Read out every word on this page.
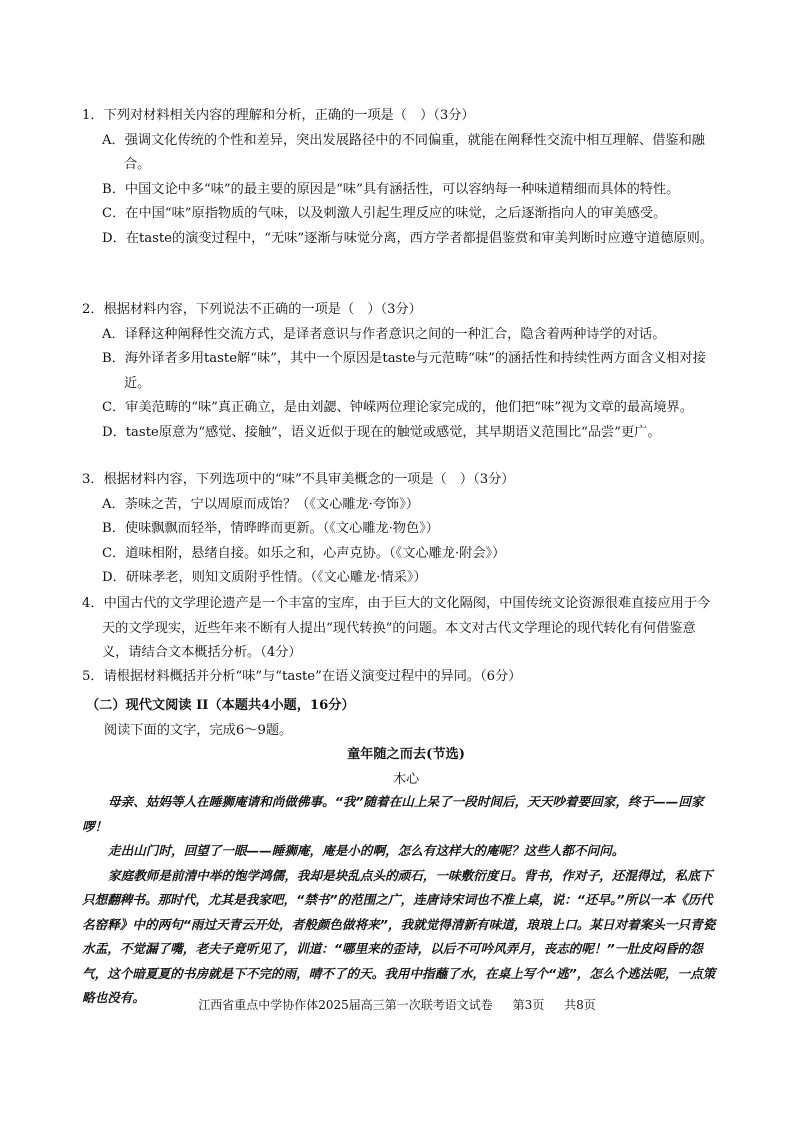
1．下列对材料相关内容的理解和分析，正确的一项是（　）（3分）

A．强调文化传统的个性和差异，突出发展路径中的不同偏重，就能在阐释性交流中相互理解、借鉴和融合。

B．中国文论中多“味”的最主要的原因是“味”具有涵括性，可以容纳每一种味道精细而具体的特性。

C．在中国“味”原指物质的气味，以及刺激人引起生理反应的味觉，之后逐渐指向人的审美感受。

D．在taste的演变过程中，“无味”逐渐与味觉分离，西方学者都提倡鉴赏和审美判断时应遵守道德原则。

2．根据材料内容，下列说法不正确的一项是（　）（3分）

A．译释这种阐释性交流方式，是译者意识与作者意识之间的一种汇合，隐含着两种诗学的对话。

B．海外译者多用taste解“味”，其中一个原因是taste与元范畴“味”的涵括性和持续性两方面含义相对接近。

C．审美范畴的“味”真正确立，是由刘勰、钟嵘两位理论家完成的，他们把“味”视为文章的最高境界。

D．taste原意为“感觉、接触”，语义近似于现在的触觉或感觉，其早期语义范围比“品尝”更广。

3．根据材料内容，下列选项中的“味”不具审美概念的一项是（　）（3分）

A．荼味之苦，宁以周原而成饴？（《文心雕龙·夸饰》）

B．使味飘飘而轻举，情晔晔而更新。（《文心雕龙·物色》）

C．道味相附，悬绪自接。如乐之和，心声克协。（《文心雕龙·附会》）

D．研味孝老，则知文质附乎性情。（《文心雕龙·情采》）

4．中国古代的文学理论遗产是一个丰富的宝库，由于巨大的文化隔阂，中国传统文论资源很难直接应用于今天的文学现实，近些年来不断有人提出“现代转换”的问题。本文对古代文学理论的现代转化有何借鉴意义，请结合文本概括分析。（4分）

5．请根据材料概括并分析“味”与“taste”在语义演变过程中的异同。（6分）

（二）现代文阅读 II（本题共4小题，16分）

阅读下面的文字，完成6～9题。

童年随之而去(节选)

木心

母亲、姑妈等人在睡狮庵请和尚做佛事。“我”随着在山上呆了一段时间后，天天吵着要回家，终于——回家啰！

走出山门时，回望了一眼——睡狮庵，庵是小的啊，怎么有这样大的庵呢？这些人都不问问。

家庭教师是前清中举的饱学鸿儒，我却是块乱点头的顽石，一味敷衍度日。背书，作对子，还混得过，私底下只想翻稗书。那时代，尤其是我家吧，“禁书”的范围之广，连唐诗宋词也不准上桌，说：“还早。”所以一本《历代名窑释》中的两句“雨过天青云开处，者般颜色做将来”，我就觉得清新有味道，琅琅上口。某日对着案头一只青瓷水盂，不觉漏了嘴，老夫子竟听见了，训道：“哪里来的歪诗，以后不可吟风弄月，丧志的呢！”一肚皮闷昏的怨气，这个暗夏夏的书房就是下不完的雨，晴不了的天。我用中指蘸了水，在桌上写个“逃”，怎么个逃法呢，一点策略也没有。	江西省重点中学协作体2025届高三第一次联考语文试卷 第3页 共8页
